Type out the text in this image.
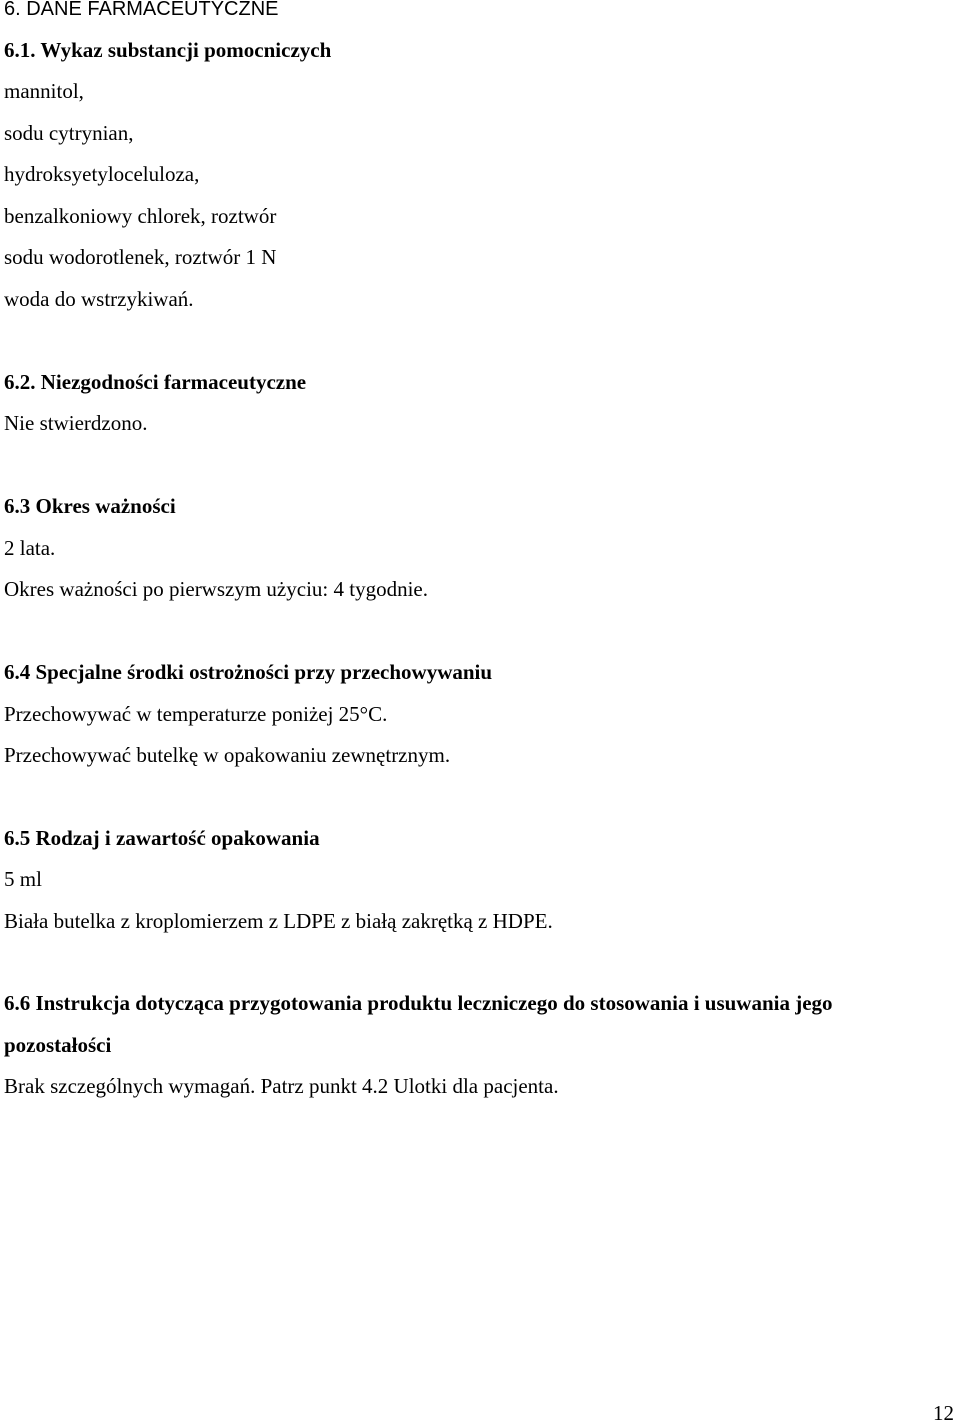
6. DANE FARMACEUTYCZNE
6.1. Wykaz substancji pomocniczych
mannitol,
sodu cytrynian,
hydroksyetyloceluloza,
benzalkoniowy chlorek, roztwór
sodu wodorotlenek, roztwór 1 N
woda do wstrzykiwań.
6.2. Niezgodności farmaceutyczne
Nie stwierdzono.
6.3 Okres ważności
2 lata.
Okres ważności po pierwszym użyciu: 4 tygodnie.
6.4 Specjalne środki ostrożności przy przechowywaniu
Przechowywać w temperaturze poniżej 25°C.
Przechowywać butelkę w opakowaniu zewnętrznym.
6.5 Rodzaj i zawartość opakowania
5 ml
Biała butelka z kroplomierzem z LDPE z białą zakrętką z HDPE.
6.6 Instrukcja dotycząca przygotowania produktu leczniczego do stosowania i usuwania jego
pozostałości
Brak szczególnych wymagań. Patrz punkt 4.2 Ulotki dla pacjenta.
12
